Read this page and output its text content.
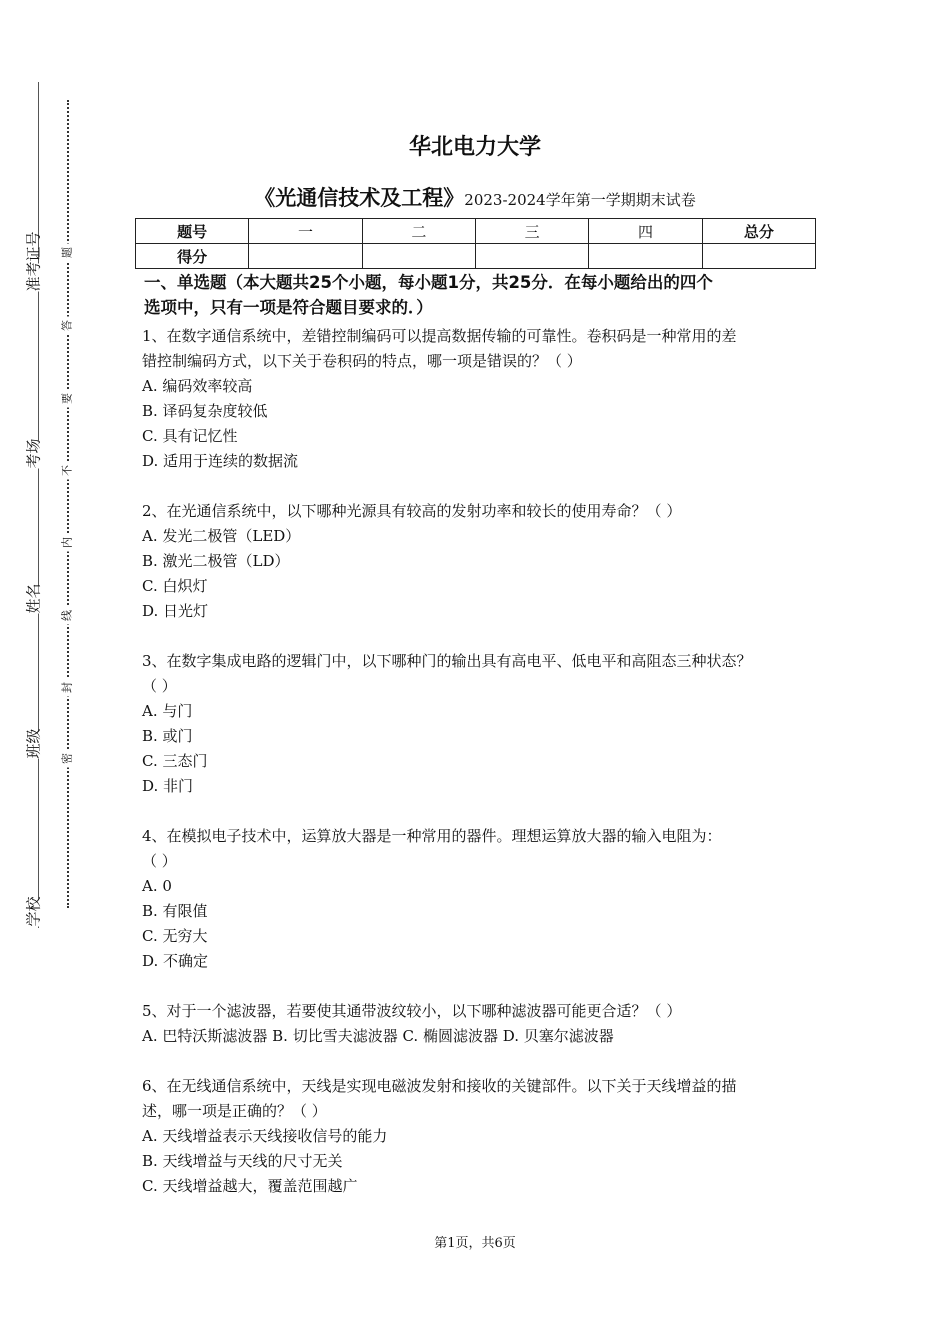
准考证号
考场
姓名
班级
学校
题
答
要
不
内
线
封
密
华北电力大学
《光通信技术及工程》2023-2024学年第一学期期末试卷
题号	一	二	三	四	总分
得分					
一、单选题（本大题共25个小题，每小题1分，共25分．在每小题给出的四个
选项中，只有一项是符合题目要求的．）
1、在数字通信系统中，差错控制编码可以提高数据传输的可靠性。卷积码是一种常用的差
错控制编码方式，以下关于卷积码的特点，哪一项是错误的？（ ）
A. 编码效率较高
B. 译码复杂度较低
C. 具有记忆性
D. 适用于连续的数据流
2、在光通信系统中，以下哪种光源具有较高的发射功率和较长的使用寿命？（ ）
A. 发光二极管（LED）
B. 激光二极管（LD）
C. 白炽灯
D. 日光灯
3、在数字集成电路的逻辑门中，以下哪种门的输出具有高电平、低电平和高阻态三种状态？
（ ）
A. 与门
B. 或门
C. 三态门
D. 非门
4、在模拟电子技术中，运算放大器是一种常用的器件。理想运算放大器的输入电阻为：
（ ）
A. 0
B. 有限值
C. 无穷大
D. 不确定
5、对于一个滤波器，若要使其通带波纹较小，以下哪种滤波器可能更合适？（ ）
A. 巴特沃斯滤波器 B. 切比雪夫滤波器 C. 椭圆滤波器 D. 贝塞尔滤波器
6、在无线通信系统中，天线是实现电磁波发射和接收的关键部件。以下关于天线增益的描
述，哪一项是正确的？（ ）
A. 天线增益表示天线接收信号的能力
B. 天线增益与天线的尺寸无关
C. 天线增益越大，覆盖范围越广
第1页，共6页
